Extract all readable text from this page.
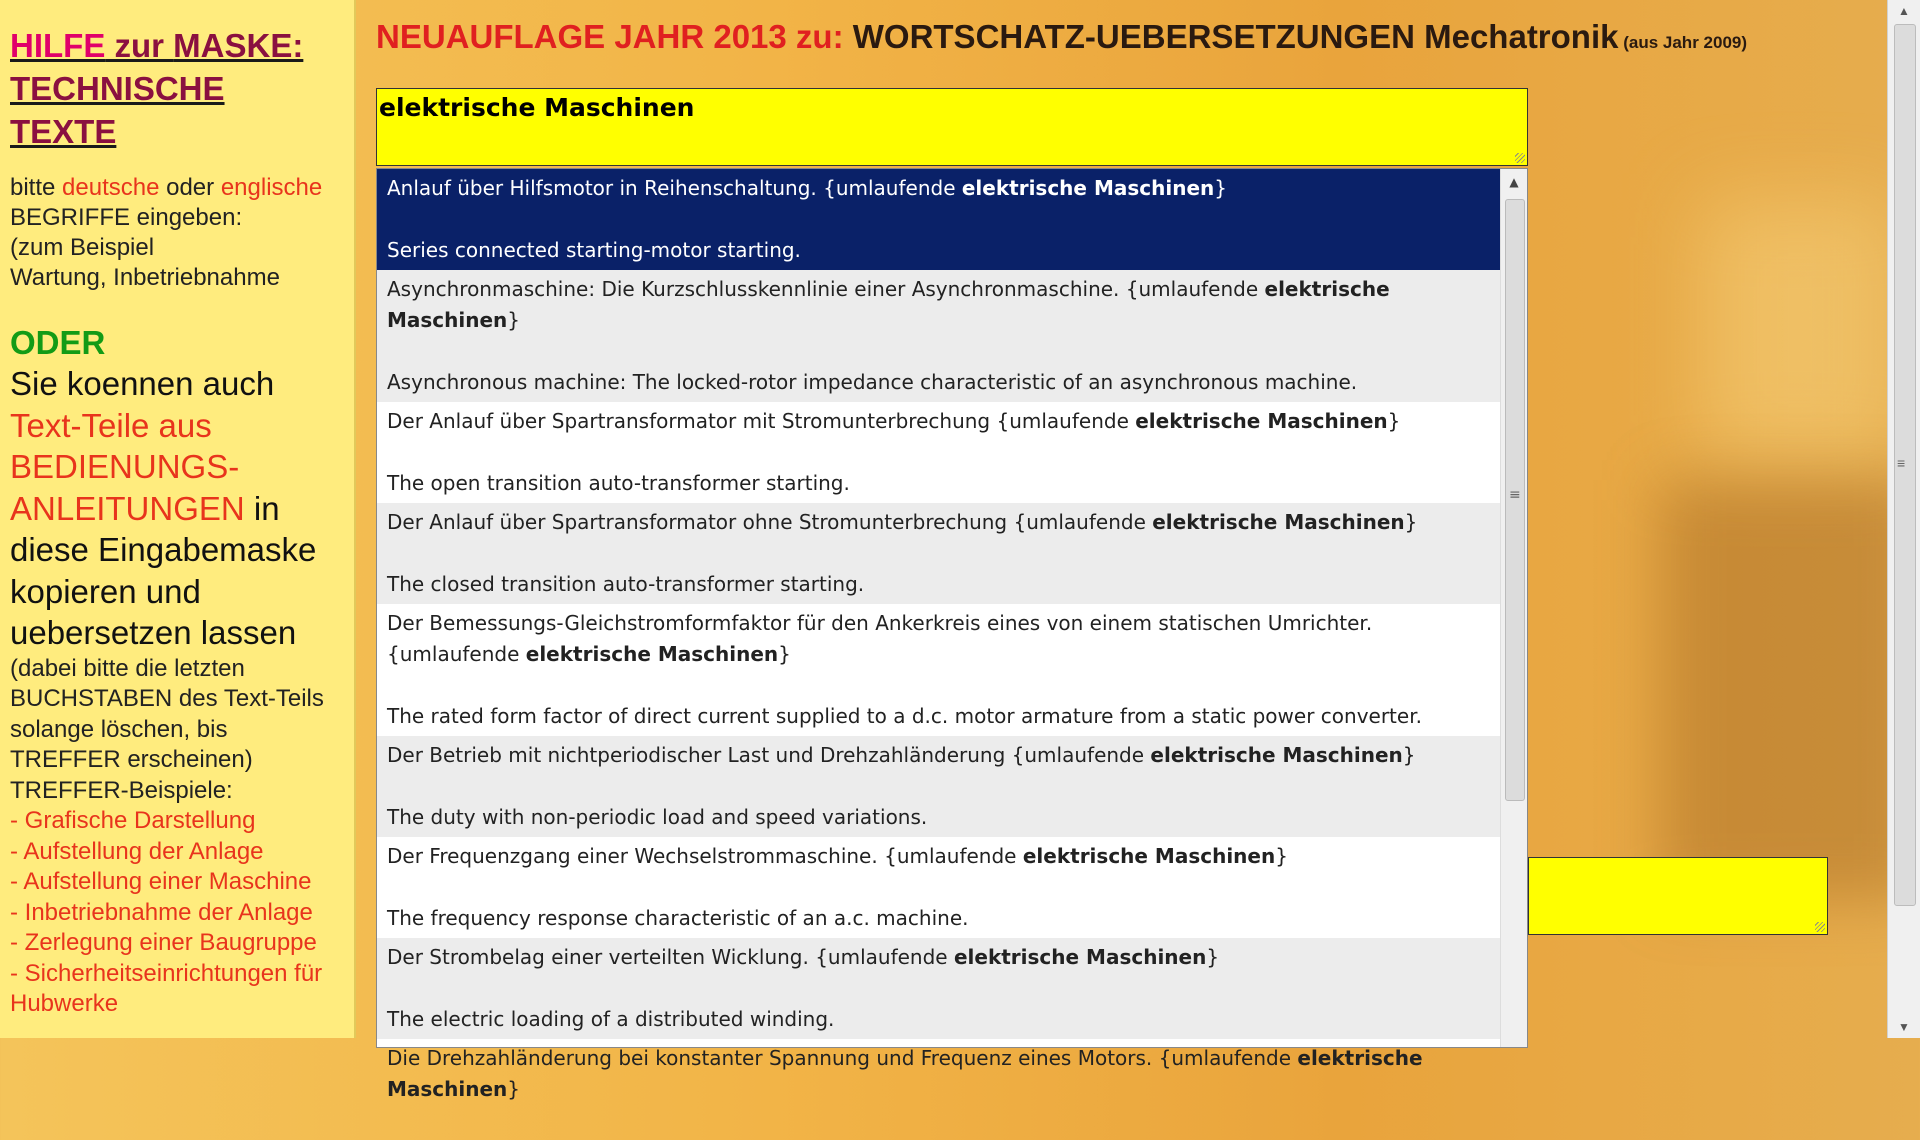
HILFE zur MASKE:
TECHNISCHE
TEXTE
bitte deutsche oder englische
BEGRIFFE eingeben:
(zum Beispiel
Wartung, Inbetriebnahme
ODER
Sie koennen auch
Text-Teile aus
BEDIENUNGS-
ANLEITUNGEN in
diese Eingabemaske
kopieren und
uebersetzen lassen
(dabei bitte die letzten
BUCHSTABEN des Text-Teils
solange löschen, bis
TREFFER erscheinen)
TREFFER-Beispiele:
- Grafische Darstellung
- Aufstellung der Anlage
- Aufstellung einer Maschine
- Inbetriebnahme der Anlage
- Zerlegung einer Baugruppe
- Sicherheitseinrichtungen für
Hubwerke
NEUAUFLAGE JAHR 2013 zu: WORTSCHATZ-UEBERSETZUNGEN Mechatronik (aus Jahr 2009)
elektrische Maschinen
Anlauf über Hilfsmotor in Reihenschaltung. {umlaufende elektrische Maschinen}
Series connected starting-motor starting.
Asynchronmaschine: Die Kurzschlusskennlinie einer Asynchronmaschine. {umlaufende elektrische Maschinen}
Asynchronous machine: The locked-rotor impedance characteristic of an asynchronous machine.
Der Anlauf über Spartransformator mit Stromunterbrechung {umlaufende elektrische Maschinen}
The open transition auto-transformer starting.
Der Anlauf über Spartransformator ohne Stromunterbrechung {umlaufende elektrische Maschinen}
The closed transition auto-transformer starting.
Der Bemessungs-Gleichstromformfaktor für den Ankerkreis eines von einem statischen Umrichter. {umlaufende elektrische Maschinen}
The rated form factor of direct current supplied to a d.c. motor armature from a static power converter.
Der Betrieb mit nichtperiodischer Last und Drehzahländerung {umlaufende elektrische Maschinen}
The duty with non-periodic load and speed variations.
Der Frequenzgang einer Wechselstrommaschine. {umlaufende elektrische Maschinen}
The frequency response characteristic of an a.c. machine.
Der Strombelag einer verteilten Wicklung. {umlaufende elektrische Maschinen}
The electric loading of a distributed winding.
Die Drehzahländerung bei konstanter Spannung und Frequenz eines Motors. {umlaufende elektrische Maschinen}
▲
≡
▲
≡
▼
